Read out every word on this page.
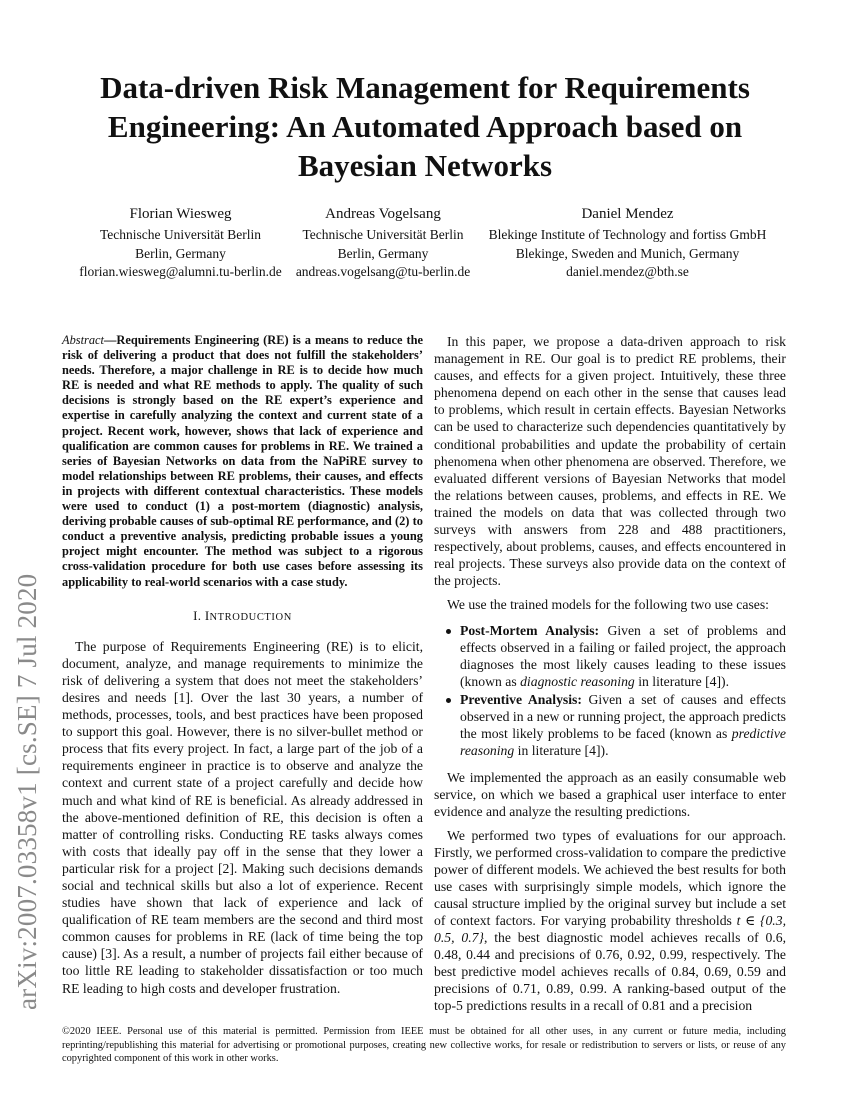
arXiv:2007.03358v1 [cs.SE] 7 Jul 2020
Data-driven Risk Management for Requirements Engineering: An Automated Approach based on Bayesian Networks
Florian Wiesweg
Technische Universität Berlin
Berlin, Germany
florian.wiesweg@alumni.tu-berlin.de
Andreas Vogelsang
Technische Universität Berlin
Berlin, Germany
andreas.vogelsang@tu-berlin.de
Daniel Mendez
Blekinge Institute of Technology and fortiss GmbH
Blekinge, Sweden and Munich, Germany
daniel.mendez@bth.se

Abstract—Requirements Engineering (RE) is a means to reduce the risk of delivering a product that does not fulfill the stakeholders’ needs. Therefore, a major challenge in RE is to decide how much RE is needed and what RE methods to apply. The quality of such decisions is strongly based on the RE expert’s experience and expertise in carefully analyzing the context and current state of a project. Recent work, however, shows that lack of experience and qualification are common causes for problems in RE. We trained a series of Bayesian Networks on data from the NaPiRE survey to model relationships between RE problems, their causes, and effects in projects with different contextual characteristics. These models were used to conduct (1) a post-mortem (diagnostic) analysis, deriving probable causes of sub-optimal RE performance, and (2) to conduct a preventive analysis, predicting probable issues a young project might encounter. The method was subject to a rigorous cross-validation procedure for both use cases before assessing its applicability to real-world scenarios with a case study.

I. INTRODUCTION

The purpose of Requirements Engineering (RE) is to elicit, document, analyze, and manage requirements to minimize the risk of delivering a system that does not meet the stakeholders’ desires and needs [1]. Over the last 30 years, a number of methods, processes, tools, and best practices have been proposed to support this goal. However, there is no silver-bullet method or process that fits every project. In fact, a large part of the job of a requirements engineer in practice is to observe and analyze the context and current state of a project carefully and decide how much and what kind of RE is beneficial. As already addressed in the above-mentioned definition of RE, this decision is often a matter of controlling risks. Conducting RE tasks always comes with costs that ideally pay off in the sense that they lower a particular risk for a project [2]. Making such decisions demands social and technical skills but also a lot of experience. Recent studies have shown that lack of experience and lack of qualification of RE team members are the second and third most common causes for problems in RE (lack of time being the top cause) [3]. As a result, a number of projects fail either because of too little RE leading to stakeholder dissatisfaction or too much RE leading to high costs and developer frustration.

In this paper, we propose a data-driven approach to risk management in RE. Our goal is to predict RE problems, their causes, and effects for a given project. Intuitively, these three phenomena depend on each other in the sense that causes lead to problems, which result in certain effects. Bayesian Networks can be used to characterize such dependencies quantitatively by conditional probabilities and update the probability of certain phenomena when other phenomena are observed. Therefore, we evaluated different versions of Bayesian Networks that model the relations between causes, problems, and effects in RE. We trained the models on data that was collected through two surveys with answers from 228 and 488 practitioners, respectively, about problems, causes, and effects encountered in real projects. These surveys also provide data on the context of the projects.

We use the trained models for the following two use cases:

Post-Mortem Analysis: Given a set of problems and effects observed in a failing or failed project, the approach diagnoses the most likely causes leading to these issues (known as diagnostic reasoning in literature [4]).
Preventive Analysis: Given a set of causes and effects observed in a new or running project, the approach predicts the most likely problems to be faced (known as predictive reasoning in literature [4]).

We implemented the approach as an easily consumable web service, on which we based a graphical user interface to enter evidence and analyze the resulting predictions.

We performed two types of evaluations for our approach. Firstly, we performed cross-validation to compare the predictive power of different models. We achieved the best results for both use cases with surprisingly simple models, which ignore the causal structure implied by the original survey but include a set of context factors. For varying probability thresholds t ∈ {0.3, 0.5, 0.7}, the best diagnostic model achieves recalls of 0.6, 0.48, 0.44 and precisions of 0.76, 0.92, 0.99, respectively. The best predictive model achieves recalls of 0.84, 0.69, 0.59 and precisions of 0.71, 0.89, 0.99. A ranking-based output of the top-5 predictions results in a recall of 0.81 and a precision

©2020 IEEE. Personal use of this material is permitted. Permission from IEEE must be obtained for all other uses, in any current or future media, including reprinting/republishing this material for advertising or promotional purposes, creating new collective works, for resale or redistribution to servers or lists, or reuse of any copyrighted component of this work in other works.
